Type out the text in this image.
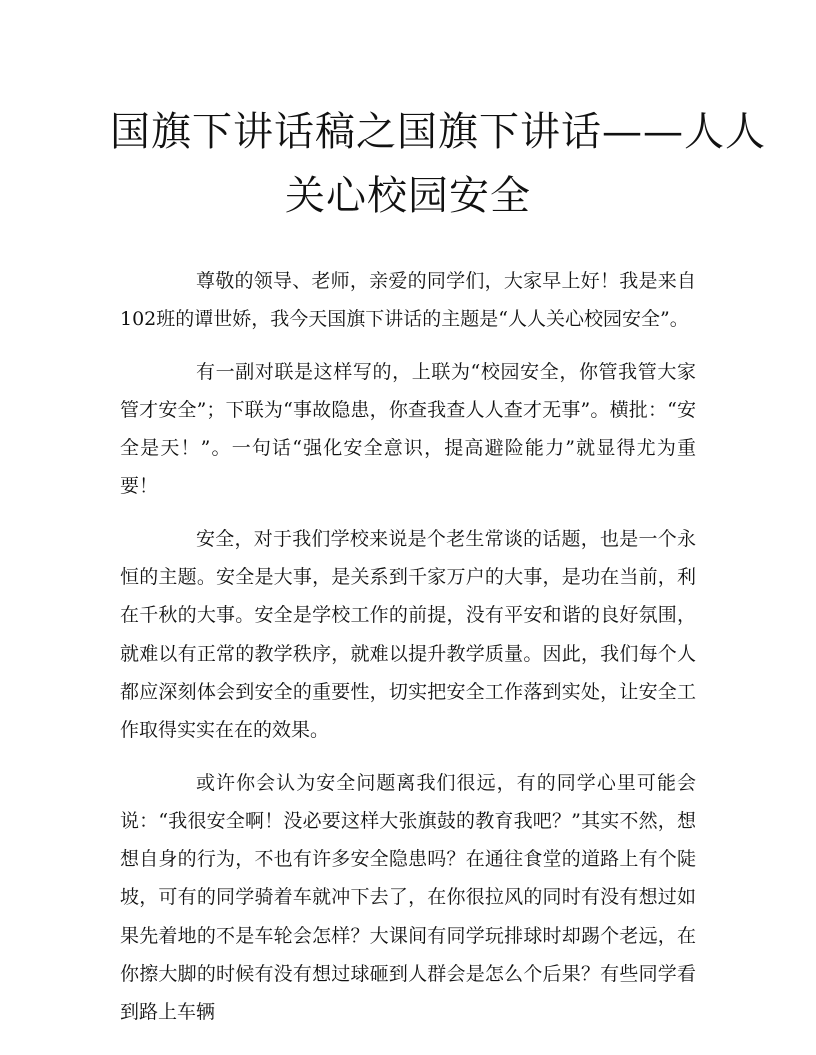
国旗下讲话稿之国旗下讲话——人人
关心校园安全

尊敬的领导、老师，亲爱的同学们，大家早上好！我是来自102班的谭世娇，我今天国旗下讲话的主题是“人人关心校园安全”。

有一副对联是这样写的，上联为“校园安全，你管我管大家管才安全”；下联为“事故隐患，你查我查人人查才无事”。横批：“安全是天！”。一句话“强化安全意识，提高避险能力”就显得尤为重要！

安全，对于我们学校来说是个老生常谈的话题，也是一个永恒的主题。安全是大事，是关系到千家万户的大事，是功在当前，利在千秋的大事。安全是学校工作的前提，没有平安和谐的良好氛围，就难以有正常的教学秩序，就难以提升教学质量。因此，我们每个人都应深刻体会到安全的重要性，切实把安全工作落到实处，让安全工作取得实实在在的效果。

或许你会认为安全问题离我们很远，有的同学心里可能会说：“我很安全啊！没必要这样大张旗鼓的教育我吧？”其实不然，想想自身的行为，不也有许多安全隐患吗？在通往食堂的道路上有个陡坡，可有的同学骑着车就冲下去了，在你很拉风的同时有没有想过如果先着地的不是车轮会怎样？大课间有同学玩排球时却踢个老远，在你擦大脚的时候有没有想过球砸到人群会是怎么个后果？有些同学看到路上车辆
